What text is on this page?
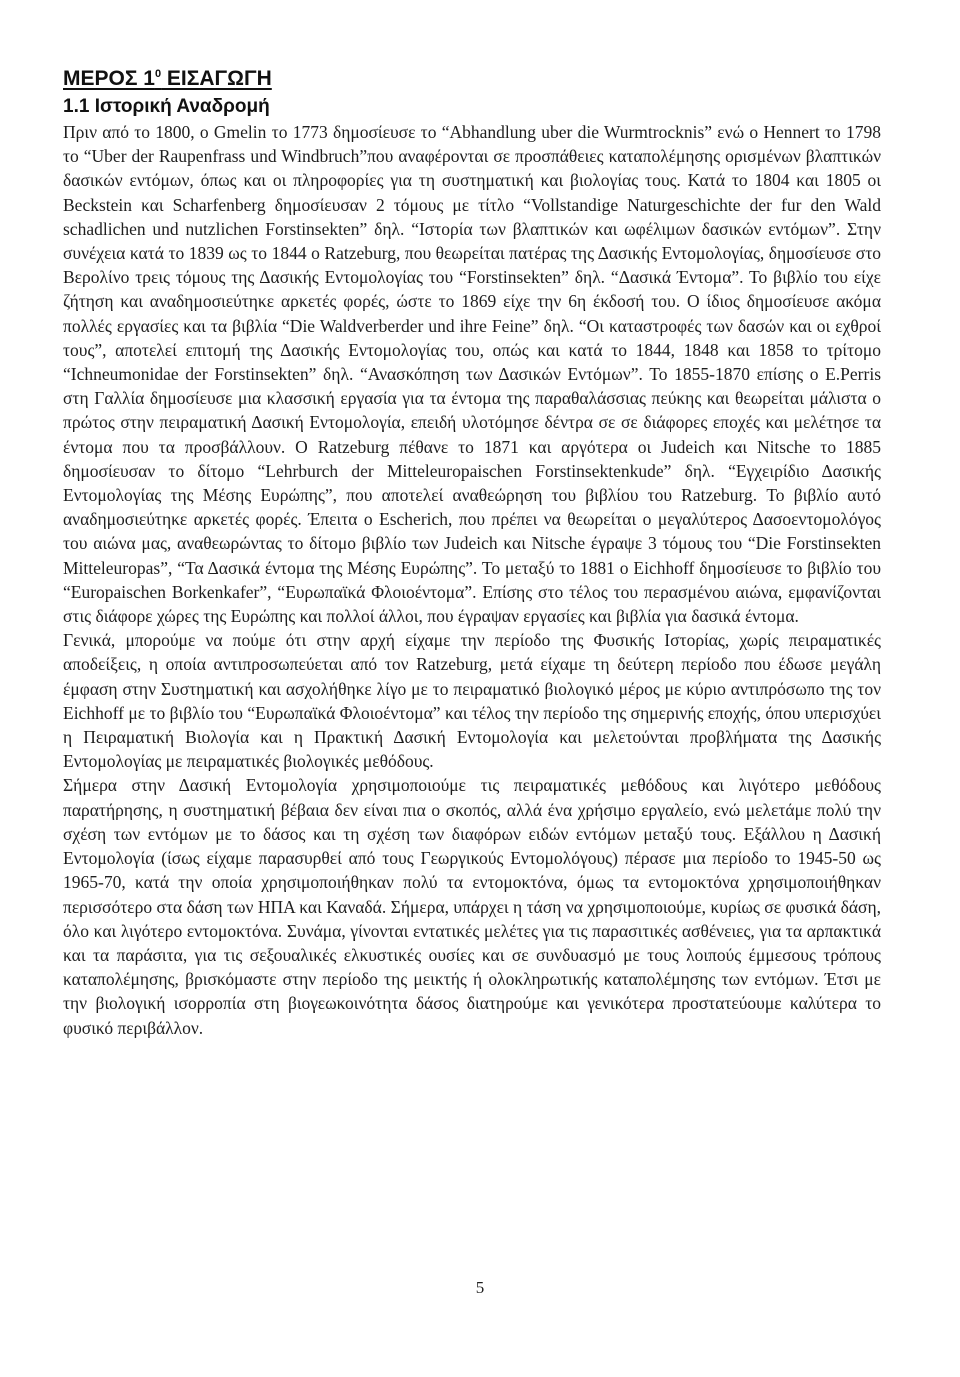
ΜΕΡΟΣ $1^0$ ΕΙΣΑΓΩΓΗ
1.1 Ιστορική Αναδρομή

Πριν από το 1800, ο Gmelin το 1773 δημοσίευσε το “Abhandlung uber die Wurmtrocknis” ενώ ο Hennert το 1798 το “Uber der Raupenfrass und Windbruch”που αναφέρονται σε προσπάθειες καταπολέμησης ορισμένων βλαπτικών δασικών εντόμων, όπως και οι πληροφορίες για τη συστηματική και βιολογίας τους. Κατά το 1804 και 1805 οι Beckstein και Scharfenberg δημοσίευσαν 2 τόμους με τίτλο “Vollstandige Naturgeschichte der fur den Wald schadlichen und nutzlichen Forstinsekten” δηλ. “Ιστορία των βλαπτικών και ωφέλιμων δασικών εντόμων”. Στην συνέχεια κατά το 1839 ως το 1844 ο Ratzeburg, που θεωρείται πατέρας της Δασικής Εντομολογίας, δημοσίευσε στο Βερολίνο τρεις τόμους της Δασικής Εντομολογίας του “Forstinsekten” δηλ. “Δασικά Έντομα”. Το βιβλίο του είχε ζήτηση και αναδημοσιεύτηκε αρκετές φορές, ώστε το 1869 είχε την 6η έκδοσή του. Ο ίδιος δημοσίευσε ακόμα πολλές εργασίες και τα βιβλία “Die Waldverberder und ihre Feine” δηλ. “Οι καταστροφές των δασών και οι εχθροί τους”, αποτελεί επιτομή της Δασικής Εντομολογίας του, οπώς και κατά το 1844, 1848 και 1858 το τρίτομο “Ichneumonidae der Forstinsekten” δηλ. “Ανασκόπηση των Δασικών Εντόμων”. Το 1855-1870 επίσης ο E.Perris στη Γαλλία δημοσίευσε μια κλασσική εργασία για τα έντομα της παραθαλάσσιας πεύκης και θεωρείται μάλιστα ο πρώτος στην πειραματική Δασική Εντομολογία, επειδή υλοτόμησε δέντρα σε σε διάφορες εποχές και μελέτησε τα έντομα που τα προσβάλλουν. Ο Ratzeburg πέθανε το 1871 και αργότερα οι Judeich και Nitsche το 1885 δημοσίευσαν το δίτομο “Lehrburch der Mitteleuropaischen Forstinsektenkude” δηλ. “Εγχειρίδιο Δασικής Εντομολογίας της Μέσης Ευρώπης”, που αποτελεί αναθεώρηση του βιβλίου του Ratzeburg. Το βιβλίο αυτό αναδημοσιεύτηκε αρκετές φορές. Έπειτα ο Escherich, που πρέπει να θεωρείται ο μεγαλύτερος Δασοεντομολόγος του αιώνα μας, αναθεωρώντας το δίτομο βιβλίο των Judeich και Nitsche έγραψε 3 τόμους του “Die Forstinsekten Mitteleuropas”, “Τα Δασικά έντομα της Μέσης Ευρώπης”. Το μεταξύ το 1881 ο Eichhoff δημοσίευσε το βιβλίο του “Europaischen Borkenkafer”, “Ευρωπαϊκά Φλοιοέντομα”. Επίσης στο τέλος του περασμένου αιώνα, εμφανίζονται στις διάφορε χώρες της Ευρώπης και πολλοί άλλοι, που έγραψαν εργασίες και βιβλία για δασικά έντομα.

Γενικά, μπορούμε να πούμε ότι στην αρχή είχαμε την περίοδο της Φυσικής Ιστορίας, χωρίς πειραματικές αποδείξεις, η οποία αντιπροσωπεύεται από τον Ratzeburg, μετά είχαμε τη δεύτερη περίοδο που έδωσε μεγάλη έμφαση στην Συστηματική και ασχολήθηκε λίγο με το πειραματικό βιολογικό μέρος με κύριο αντιπρόσωπο της τον Eichhoff με το βιβλίο του “Ευρωπαϊκά Φλοιοέντομα” και τέλος την περίοδο της σημερινής εποχής, όπου υπερισχύει η Πειραματική Βιολογία και η Πρακτική Δασική Εντομολογία και μελετούνται προβλήματα της Δασικής Εντομολογίας με πειραματικές βιολογικές μεθόδους.

Σήμερα στην Δασική Εντομολογία χρησιμοποιούμε τις πειραματικές μεθόδους και λιγότερο μεθόδους παρατήρησης, η συστηματική βέβαια δεν είναι πια ο σκοπός, αλλά ένα χρήσιμο εργαλείο, ενώ μελετάμε πολύ την σχέση των εντόμων με το δάσος και τη σχέση των διαφόρων ειδών εντόμων μεταξύ τους. Εξάλλου η Δασική Εντομολογία (ίσως είχαμε παρασυρθεί από τους Γεωργικούς Εντομολόγους) πέρασε μια περίοδο το 1945-50 ως 1965-70, κατά την οποία χρησιμοποιήθηκαν πολύ τα εντομοκτόνα, όμως τα εντομοκτόνα χρησιμοποιήθηκαν περισσότερο στα δάση των ΗΠΑ και Καναδά. Σήμερα, υπάρχει η τάση να χρησιμοποιούμε, κυρίως σε φυσικά δάση, όλο και λιγότερο εντομοκτόνα. Συνάμα, γίνονται εντατικές μελέτες για τις παρασιτικές ασθένειες, για τα αρπακτικά και τα παράσιτα, για τις σεξουαλικές ελκυστικές ουσίες και σε συνδυασμό με τους λοιπούς έμμεσους τρόπους καταπολέμησης, βρισκόμαστε στην περίοδο της μεικτής ή ολοκληρωτικής καταπολέμησης των εντόμων. Έτσι με την βιολογική ισορροπία στη βιογεωκοινότητα δάσος διατηρούμε και γενικότερα προστατεύουμε καλύτερα το φυσικό περιβάλλον.

5
